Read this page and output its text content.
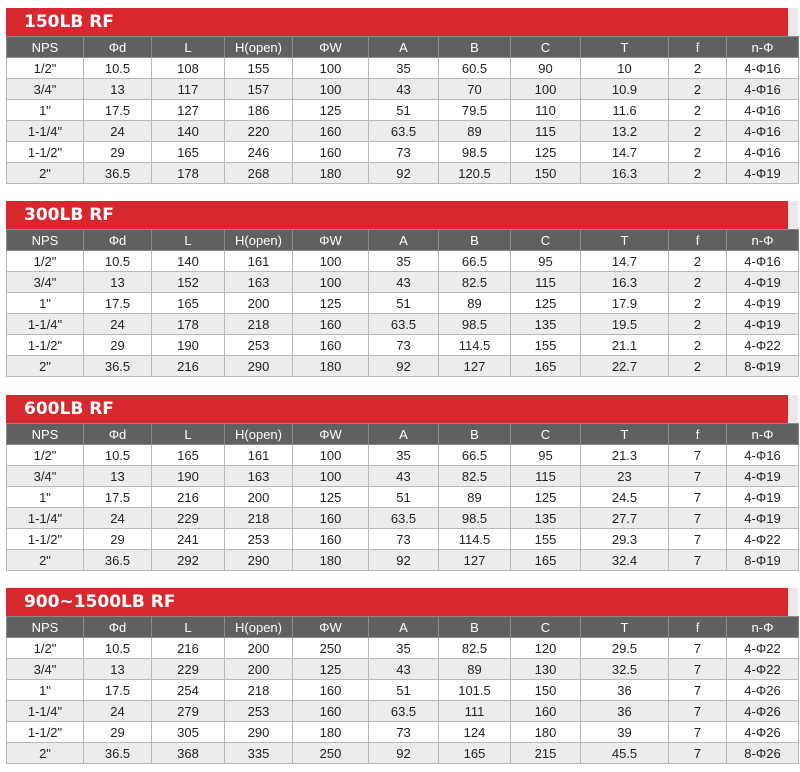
150LB RF
NPS	Φd	L	H(open)	ΦW	A	B	C	T	f	n-Φ
1/2"	10.5	108	155	100	35	60.5	90	10	2	4-Φ16
3/4"	13	117	157	100	43	70	100	10.9	2	4-Φ16
1"	17.5	127	186	125	51	79.5	110	11.6	2	4-Φ16
1-1/4"	24	140	220	160	63.5	89	115	13.2	2	4-Φ16
1-1/2"	29	165	246	160	73	98.5	125	14.7	2	4-Φ16
2"	36.5	178	268	180	92	120.5	150	16.3	2	4-Φ19
300LB RF
NPS	Φd	L	H(open)	ΦW	A	B	C	T	f	n-Φ
1/2"	10.5	140	161	100	35	66.5	95	14.7	2	4-Φ16
3/4"	13	152	163	100	43	82.5	115	16.3	2	4-Φ19
1"	17.5	165	200	125	51	89	125	17.9	2	4-Φ19
1-1/4"	24	178	218	160	63.5	98.5	135	19.5	2	4-Φ19
1-1/2"	29	190	253	160	73	114.5	155	21.1	2	4-Φ22
2"	36.5	216	290	180	92	127	165	22.7	2	8-Φ19
600LB RF
NPS	Φd	L	H(open)	ΦW	A	B	C	T	f	n-Φ
1/2"	10.5	165	161	100	35	66.5	95	21.3	7	4-Φ16
3/4"	13	190	163	100	43	82.5	115	23	7	4-Φ19
1"	17.5	216	200	125	51	89	125	24.5	7	4-Φ19
1-1/4"	24	229	218	160	63.5	98.5	135	27.7	7	4-Φ19
1-1/2"	29	241	253	160	73	114.5	155	29.3	7	4-Φ22
2"	36.5	292	290	180	92	127	165	32.4	7	8-Φ19
900~1500LB RF
NPS	Φd	L	H(open)	ΦW	A	B	C	T	f	n-Φ
1/2"	10.5	216	200	250	35	82.5	120	29.5	7	4-Φ22
3/4"	13	229	200	125	43	89	130	32.5	7	4-Φ22
1"	17.5	254	218	160	51	101.5	150	36	7	4-Φ26
1-1/4"	24	279	253	160	63.5	111	160	36	7	4-Φ26
1-1/2"	29	305	290	180	73	124	180	39	7	4-Φ26
2"	36.5	368	335	250	92	165	215	45.5	7	8-Φ26
